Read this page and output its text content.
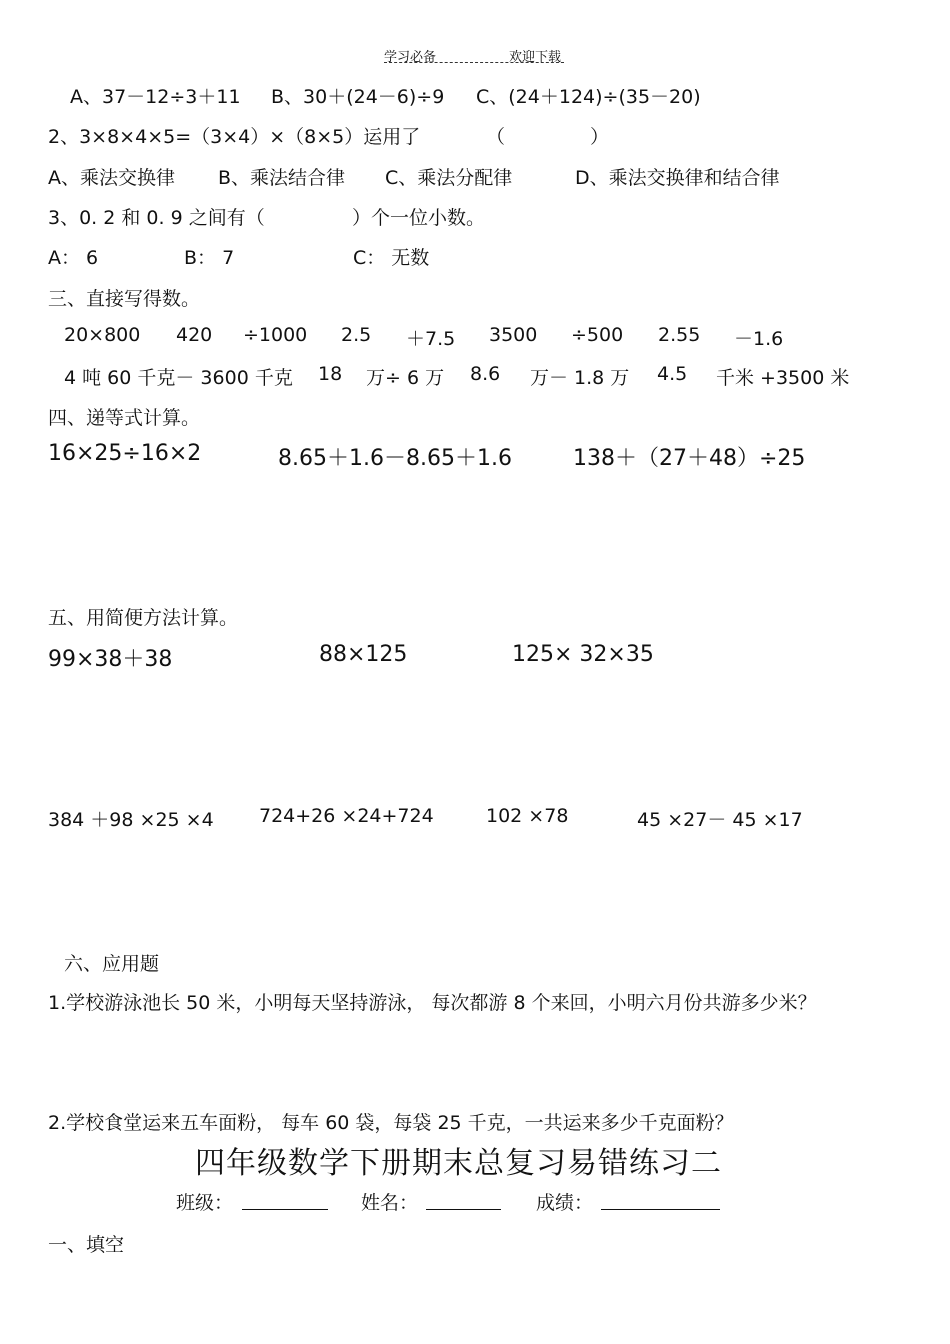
学习必备	欢迎下载
A、37－12÷3＋11 B、30＋(24－6)÷9 C、(24＋124)÷(35－20)
2、3×8×4×5=（3×4）×（8×5）运用了	（	）
A、乘法交换律 B、乘法结合律 C、乘法分配律	D、乘法交换律和结合律
3、0. 2 和 0. 9 之间有（	）个一位小数。
A： 6	B： 7	C： 无数
三、直接写得数。
20×800 420 ÷1000 2.5 ＋7.5 3500 ÷500 2.55 －1.6
4 吨 60 千克－ 3600 千克 18 万÷ 6 万 8.6 万－ 1.8 万 4.5 千米 +3500 米
四、递等式计算。
16×25÷16×2	8.65＋1.6－8.65＋1.6	138＋（27＋48）÷25
五、用简便方法计算。
99×38＋38	88×125	125× 32×35
384 ＋98 ×25 ×4 724+26 ×24+724	102 ×78	45 ×27－ 45 ×17
六、应用题
1.学校游泳池长 50 米，小明每天坚持游泳， 每次都游 8 个来回，小明六月份共游多少米？
2.学校食堂运来五车面粉， 每车 60 袋，每袋 25 千克，一共运来多少千克面粉？
四年级数学下册期末总复习易错练习二
班级：	姓名：	成绩：
一、填空
